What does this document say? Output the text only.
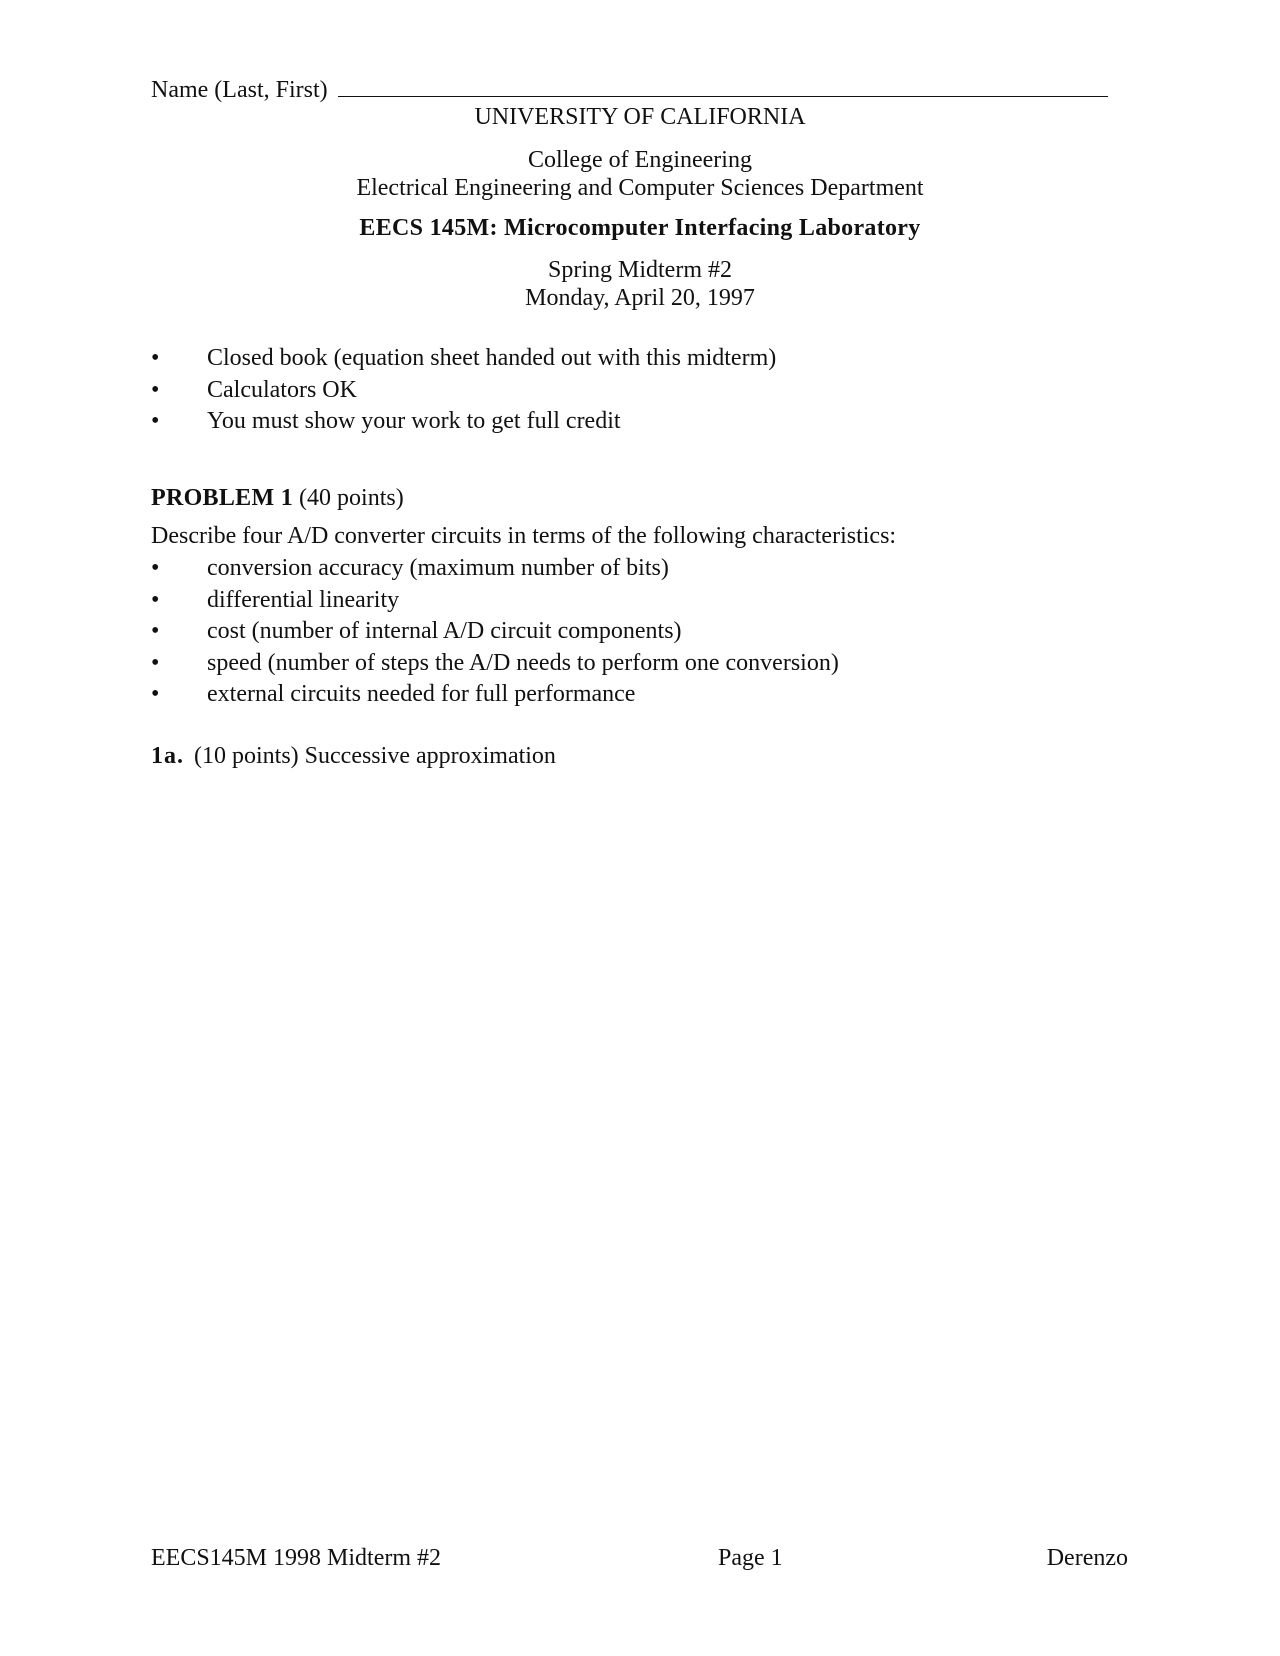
Name (Last, First)
UNIVERSITY OF CALIFORNIA
College of Engineering
Electrical Engineering and Computer Sciences Department
EECS 145M: Microcomputer Interfacing Laboratory
Spring Midterm #2
Monday, April 20, 1997
• Closed book (equation sheet handed out with this midterm)
• Calculators OK
• You must show your work to get full credit
PROBLEM 1 (40 points)
Describe four A/D converter circuits in terms of the following characteristics:
• conversion accuracy (maximum number of bits)
• differential linearity
• cost (number of internal A/D circuit components)
• speed (number of steps the A/D needs to perform one conversion)
• external circuits needed for full performance
1a. (10 points) Successive approximation
EECS145M 1998 Midterm #2	Page 1	Derenzo
